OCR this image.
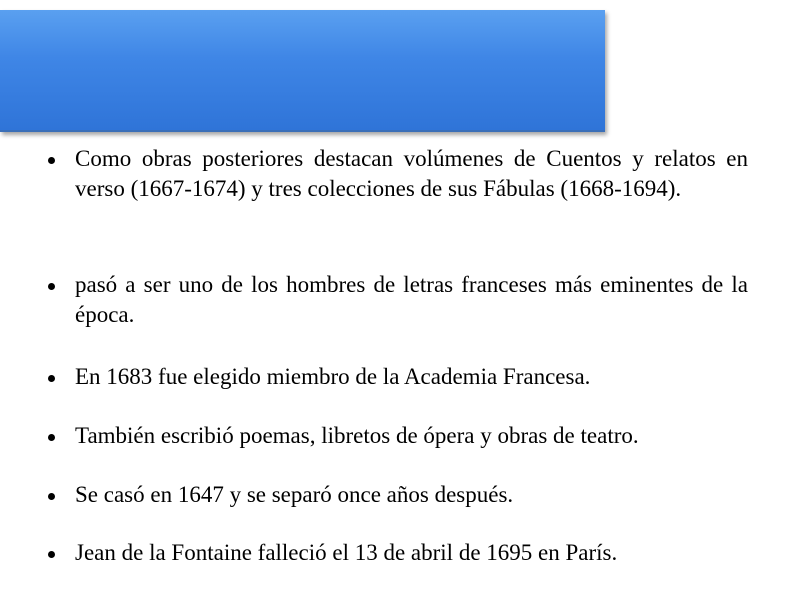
Como obras posteriores destacan volúmenes de Cuentos y relatos en verso (1667-1674) y tres colecciones de sus Fábulas (1668-1694).
pasó a ser uno de los hombres de letras franceses más eminentes de la época.
En 1683 fue elegido miembro de la Academia Francesa.
También escribió poemas, libretos de ópera y obras de teatro.
Se casó en 1647 y se separó once años después.
Jean de la Fontaine falleció el 13 de abril de 1695 en París.
